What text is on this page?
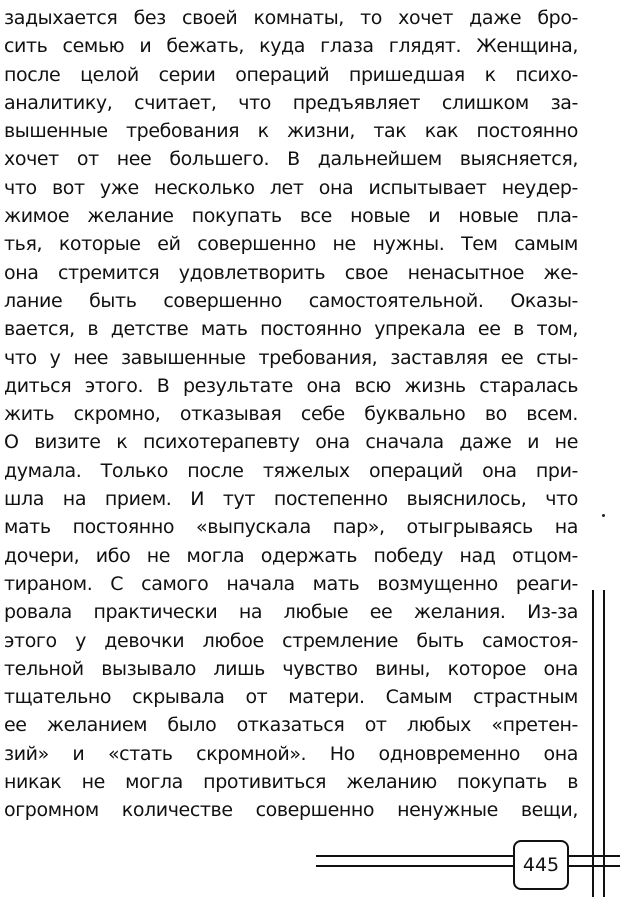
задыхается без своей комнаты, то хочет даже бро-
сить семью и бежать, куда глаза глядят. Женщина,
после целой серии операций пришедшая к психо-
аналитику, считает, что предъявляет слишком за-
вышенные требования к жизни, так как постоянно
хочет от нее большего. В дальнейшем выясняется,
что вот уже несколько лет она испытывает неудер-
жимое желание покупать все новые и новые пла-
тья, которые ей совершенно не нужны. Тем самым
она стремится удовлетворить свое ненасытное же-
лание быть совершенно самостоятельной. Оказы-
вается, в детстве мать постоянно упрекала ее в том,
что у нее завышенные требования, заставляя ее сты-
диться этого. В результате она всю жизнь старалась
жить скромно, отказывая себе буквально во всем.
О визите к психотерапевту она сначала даже и не
думала. Только после тяжелых операций она при-
шла на прием. И тут постепенно выяснилось, что
мать постоянно «выпускала пар», отыгрываясь на
дочери, ибо не могла одержать победу над отцом-
тираном. С самого начала мать возмущенно реаги-
ровала практически на любые ее желания. Из-за
этого у девочки любое стремление быть самостоя-
тельной вызывало лишь чувство вины, которое она
тщательно скрывала от матери. Самым страстным
ее желанием было отказаться от любых «претен-
зий» и «стать скромной». Но одновременно она
никак не могла противиться желанию покупать в
огромном количестве совершенно ненужные вещи,
445
